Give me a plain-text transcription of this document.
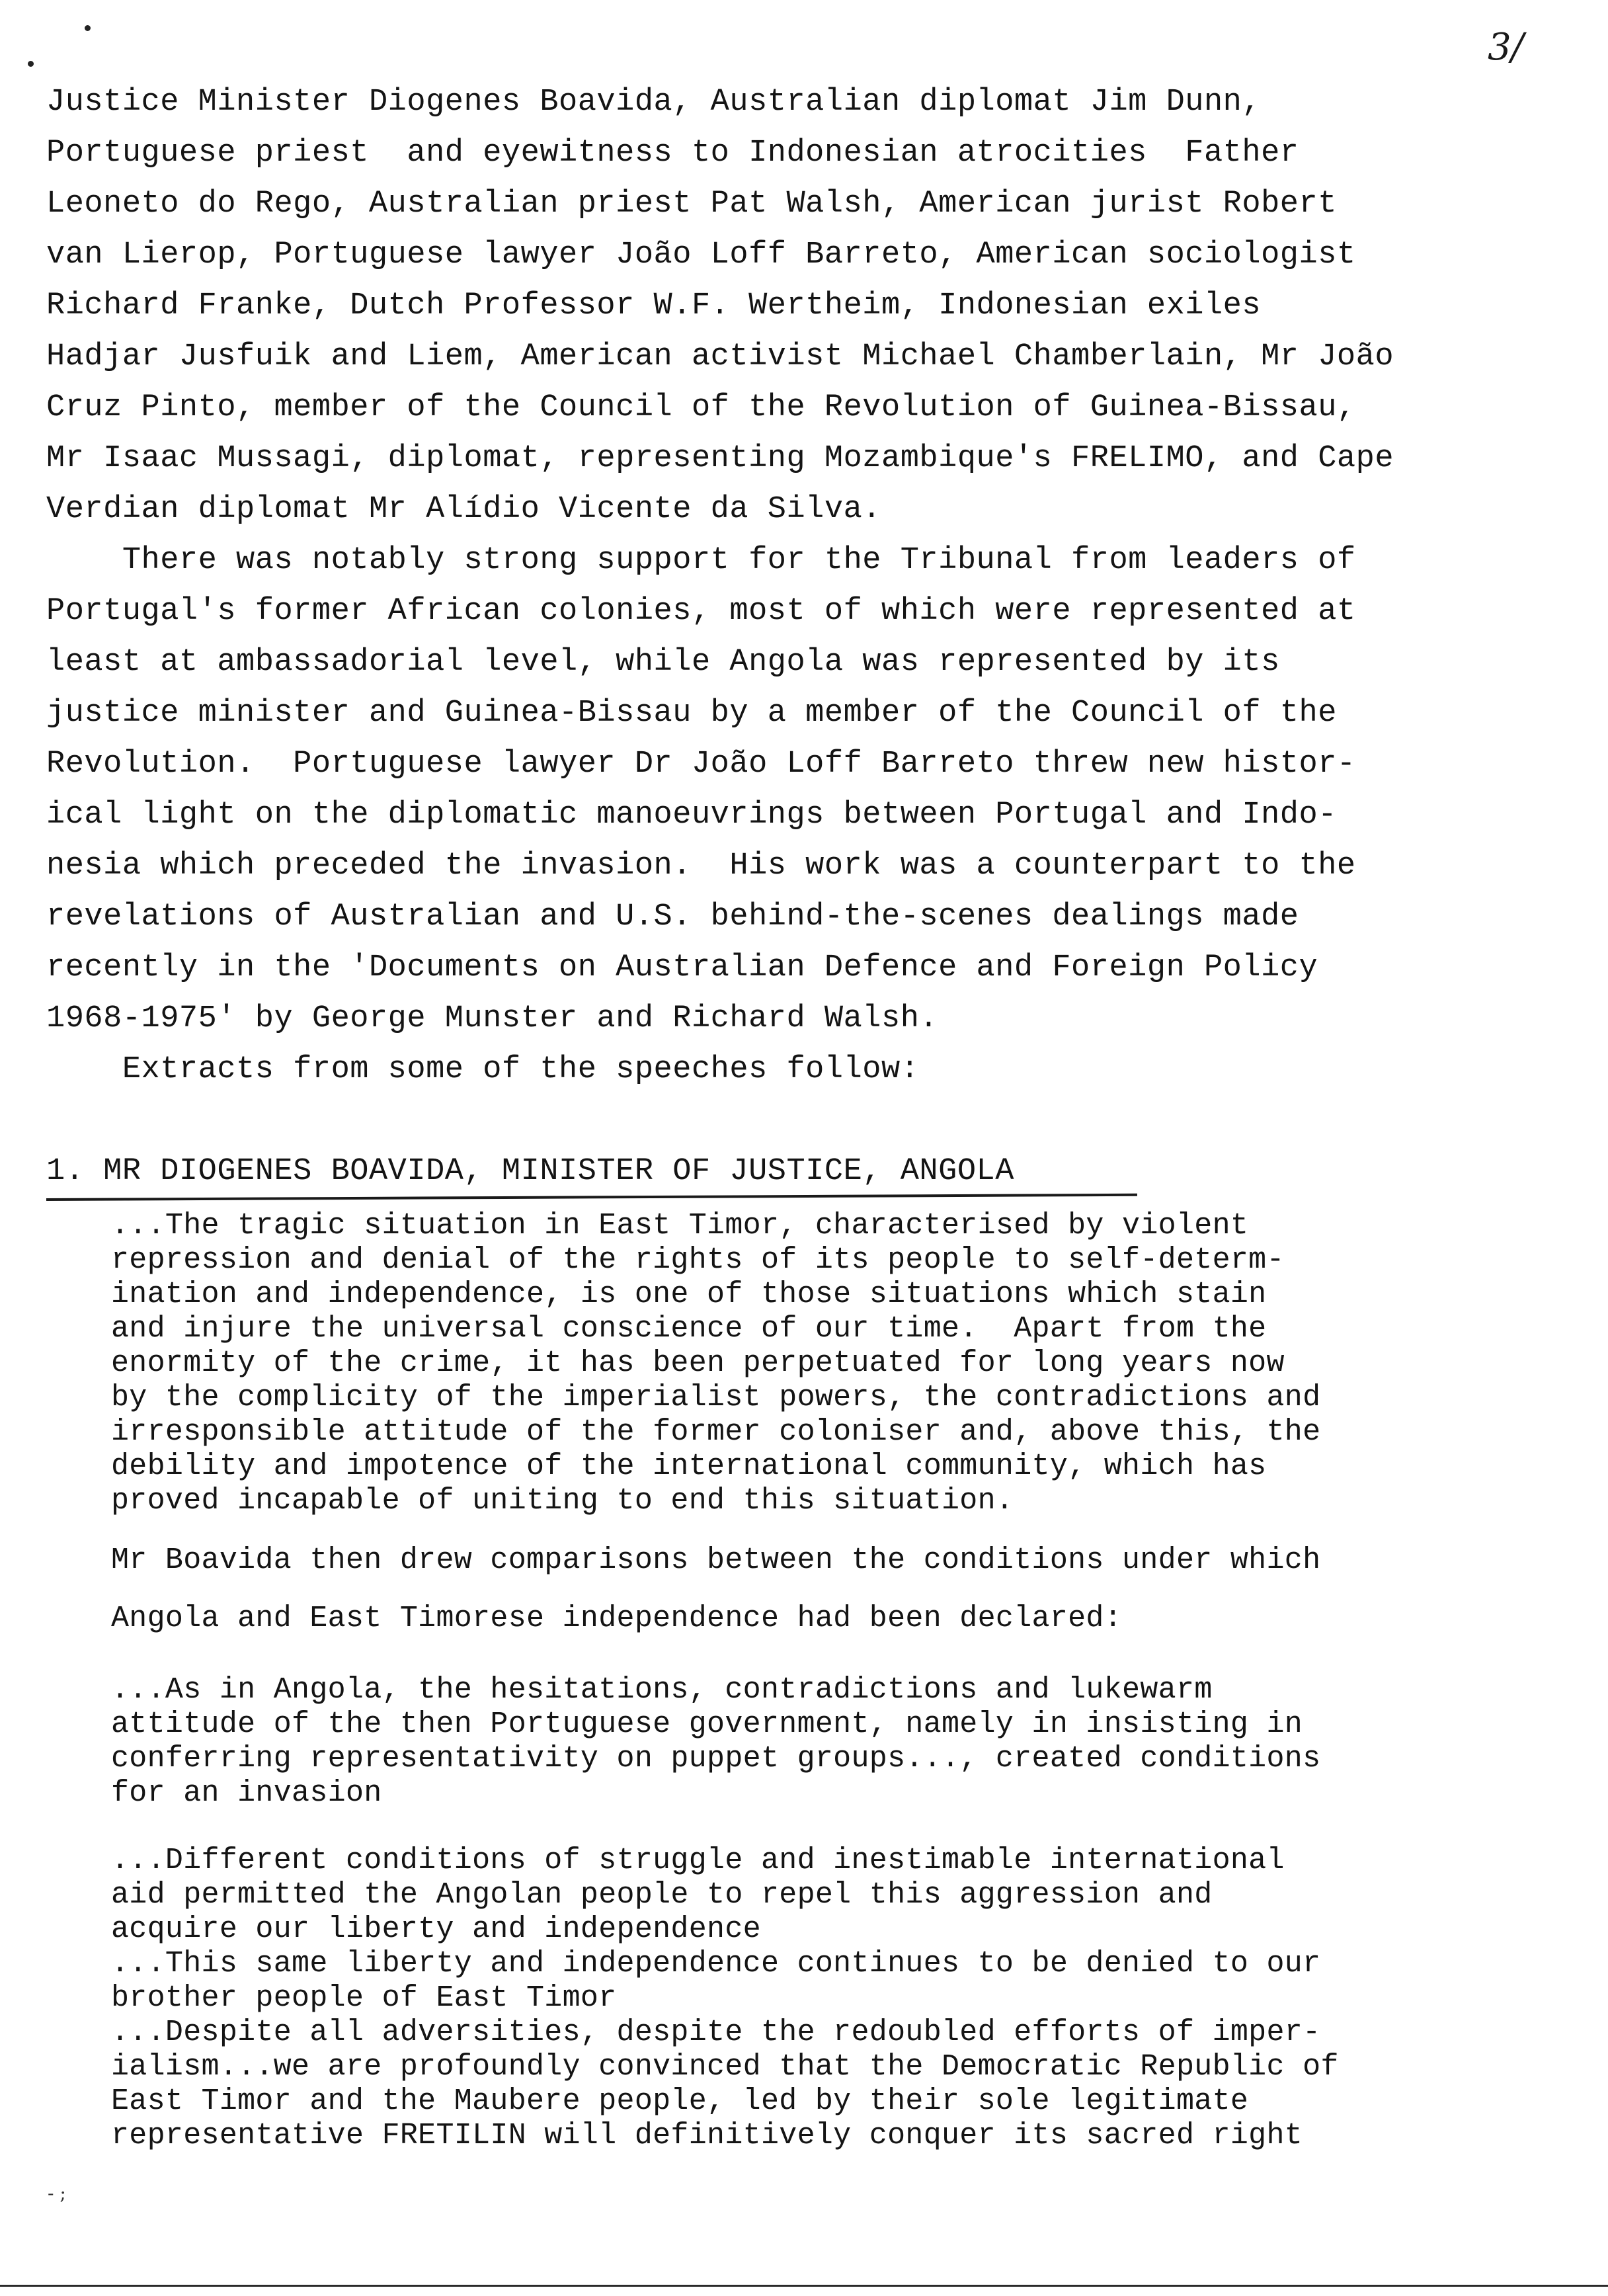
3/
Justice Minister Diogenes Boavida, Australian diplomat Jim Dunn,
Portuguese priest  and eyewitness to Indonesian atrocities  Father
Leoneto do Rego, Australian priest Pat Walsh, American jurist Robert
van Lierop, Portuguese lawyer João Loff Barreto, American sociologist
Richard Franke, Dutch Professor W.F. Wertheim, Indonesian exiles
Hadjar Jusfuik and Liem, American activist Michael Chamberlain, Mr João
Cruz Pinto, member of the Council of the Revolution of Guinea-Bissau,
Mr Isaac Mussagi, diplomat, representing Mozambique's FRELIMO, and Cape
Verdian diplomat Mr Alídio Vicente da Silva.
There was notably strong support for the Tribunal from leaders of
Portugal's former African colonies, most of which were represented at
least at ambassadorial level, while Angola was represented by its
justice minister and Guinea-Bissau by a member of the Council of the
Revolution.  Portuguese lawyer Dr João Loff Barreto threw new histor-
ical light on the diplomatic manoeuvrings between Portugal and Indo-
nesia which preceded the invasion.  His work was a counterpart to the
revelations of Australian and U.S. behind-the-scenes dealings made
recently in the 'Documents on Australian Defence and Foreign Policy
1968-1975' by George Munster and Richard Walsh.
Extracts from some of the speeches follow:
1. MR DIOGENES BOAVIDA, MINISTER OF JUSTICE, ANGOLA
...The tragic situation in East Timor, characterised by violent
repression and denial of the rights of its people to self-determ-
ination and independence, is one of those situations which stain
and injure the universal conscience of our time.  Apart from the
enormity of the crime, it has been perpetuated for long years now
by the complicity of the imperialist powers, the contradictions and
irresponsible attitude of the former coloniser and, above this, the
debility and impotence of the international community, which has
proved incapable of uniting to end this situation.
Mr Boavida then drew comparisons between the conditions under which
Angola and East Timorese independence had been declared:
...As in Angola, the hesitations, contradictions and lukewarm
attitude of the then Portuguese government, namely in insisting in
conferring representativity on puppet groups..., created conditions
for an invasion
...Different conditions of struggle and inestimable international
aid permitted the Angolan people to repel this aggression and
acquire our liberty and independence
...This same liberty and independence continues to be denied to our
brother people of East Timor
...Despite all adversities, despite the redoubled efforts of imper-
ialism...we are profoundly convinced that the Democratic Republic of
East Timor and the Maubere people, led by their sole legitimate
representative FRETILIN will definitively conquer its sacred right
- ;
